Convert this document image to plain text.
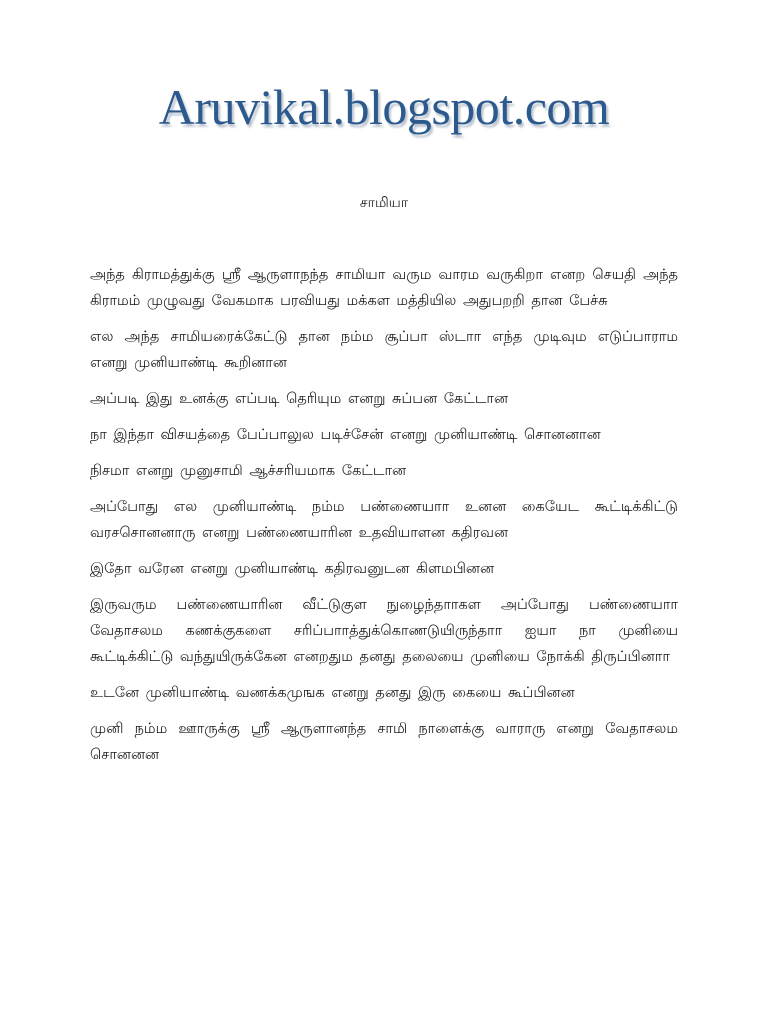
Aruvikal.blogspot.com
சாமியா

அந்த கிராமத்துக்கு ஸ்ரீ ஆருளாநந்த சாமியா வரும வாரம வருகிறா எனற செயதி அந்த கிராமம் முழுவது வேகமாக பரவியது மக்கள மத்தியில அதுபறறி தான பேச்சு

எல அந்த சாமியரைக்கேட்டு தான நம்ம சூப்பா ஸ்டாா எந்த முடிவும எடுப்பாராம எனறு முனியாண்டி கூறினான

அப்படி இது உனக்கு எப்படி தெரியும எனறு சுப்பன கேட்டான

நா இந்தா விசயத்தை பேப்பாலுல படிச்சேன் எனறு முனியாண்டி சொனனான

நிசமா எனறு முனுசாமி ஆச்சரியமாக கேட்டான

அப்போது எல முனியாண்டி நம்ம பண்ணையாா உனன கையேட கூட்டிக்கிட்டு வரசசொனனாரு எனறு பண்ணையாரின உதவியாளன கதிரவன

இதோ வரேன எனறு முனியாண்டி கதிரவனுடன கிளமபினன

இருவரும பண்ணையாரின வீட்டுகுள நுழைந்தாாகள அப்போது பண்ணையாா வேதாசலம கணக்குகளை சரிப்பாாத்துக்கொணடுயிருந்தாா ஐயா நா முனியை கூட்டிக்கிட்டு வந்துயிருக்கேன எனறதும தனது தலையை முனியை நோக்கி திருப்பினாா

உடனே முனியாண்டி வணக்கமுஙக எனறு தனது இரு கையை கூப்பினன

முனி நம்ம ஊாருக்கு ஸ்ரீ ஆருளானந்த சாமி நாளைக்கு வாராரு எனறு வேதாசலம சொனனன
